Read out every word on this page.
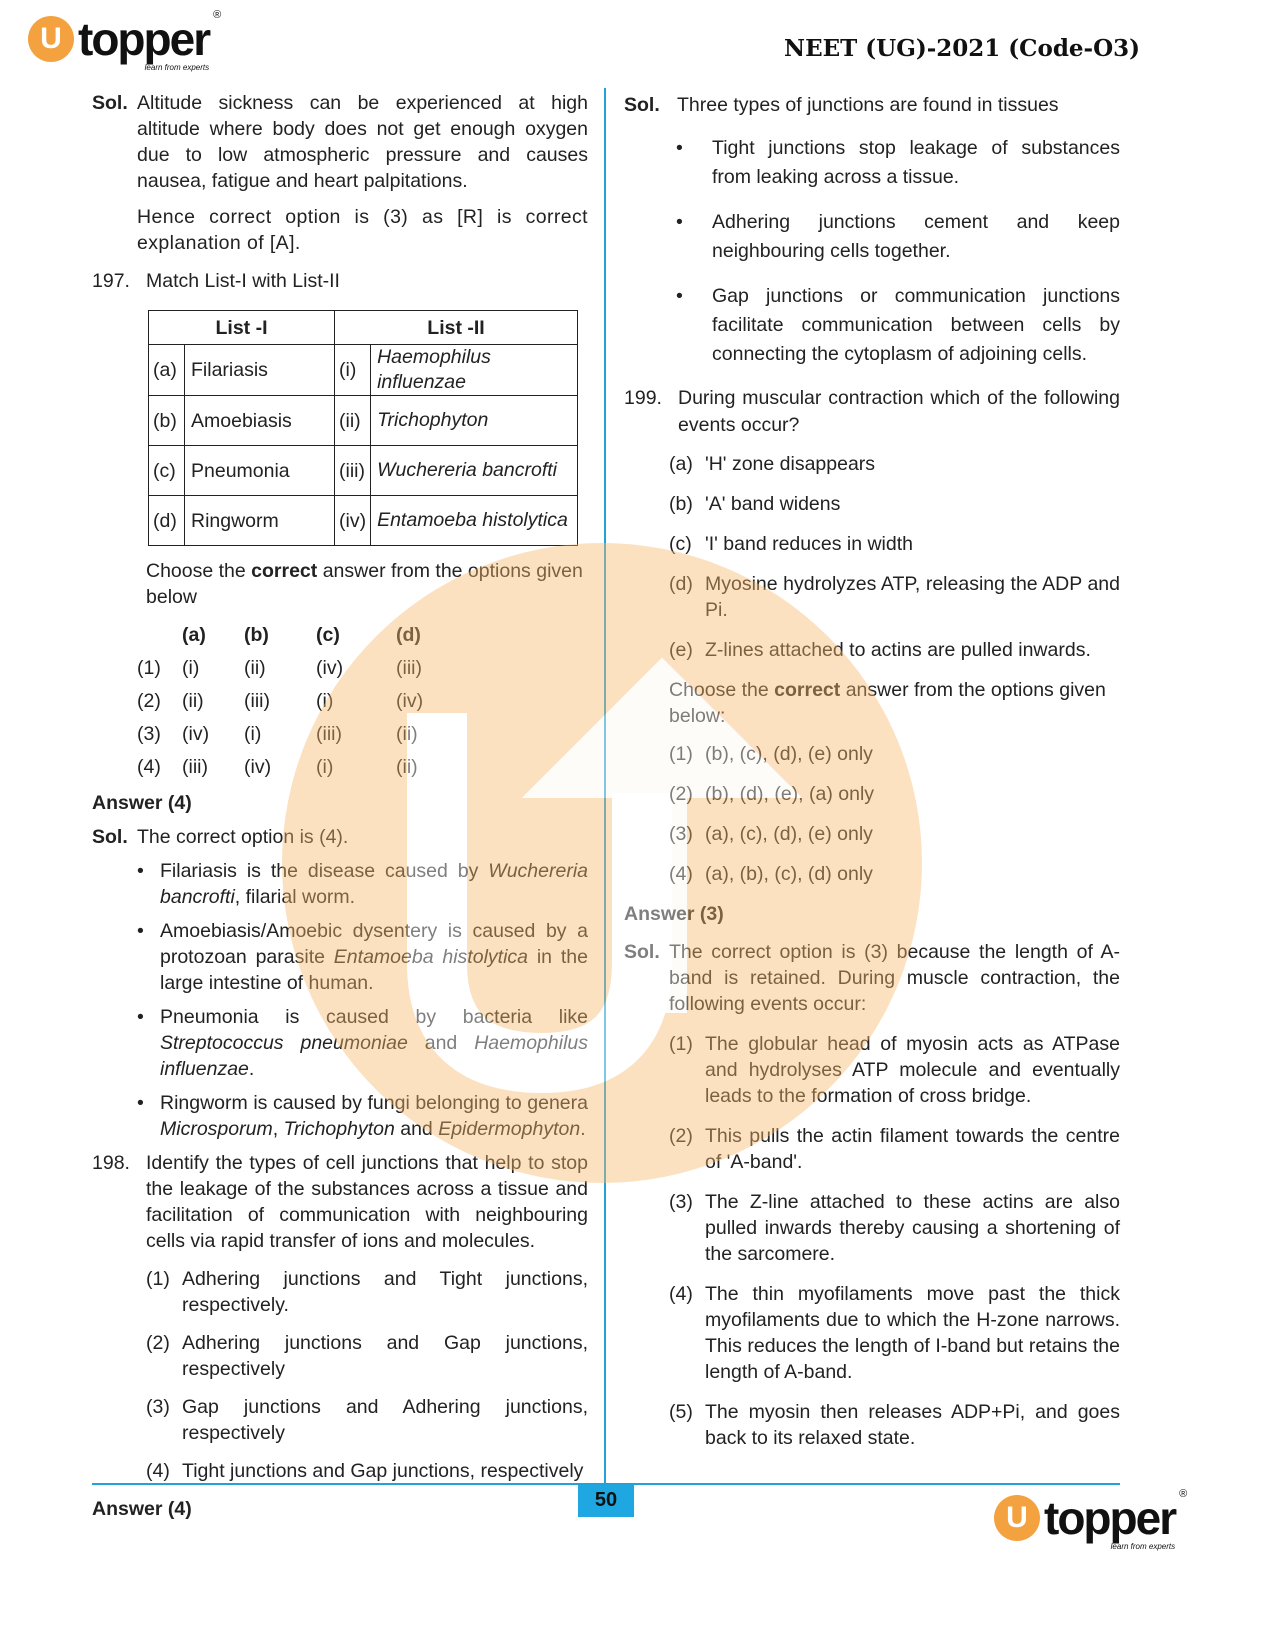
U topper ®
learn from experts
NEET (UG)-2021 (Code-O3)
Sol. Altitude sickness can be experienced at high altitude where body does not get enough oxygen due to low atmospheric pressure and causes nausea, fatigue and heart palpitations.

Hence correct option is (3) as [R] is correct explanation of [A].

197. Match List-I with List-II
List -I		List -II	
(a)	Filariasis	(i)	Haemophilus influenzae
(b)	Amoebiasis	(ii)	Trichophyton
(c)	Pneumonia	(iii)	Wuchereria bancrofti
(d)	Ringworm	(iv)	Entamoeba histolytica

Choose the correct answer from the options given below

(a)	(b)	(c)	(d)
(1)	(i)	(ii)	(iv)	(iii)
(2)	(ii)	(iii)	(i)	(iv)
(3)	(iv)	(i)	(iii)	(ii)
(4)	(iii)	(iv)	(i)	(ii)
Answer (4)
Sol. The correct option is (4).
• Filariasis is the disease caused by Wuchereria bancrofti, filarial worm.
• Amoebiasis/Amoebic dysentery is caused by a protozoan parasite Entamoeba histolytica in the large intestine of human.
• Pneumonia is caused by bacteria like Streptococcus pneumoniae and Haemophilus influenzae.
• Ringworm is caused by fungi belonging to genera Microsporum, Trichophyton and Epidermophyton.
198. Identify the types of cell junctions that help to stop the leakage of the substances across a tissue and facilitation of communication with neighbouring cells via rapid transfer of ions and molecules.
(1) Adhering junctions and Tight junctions, respectively.
(2) Adhering junctions and Gap junctions, respectively
(3) Gap junctions and Adhering junctions, respectively
(4) Tight junctions and Gap junctions, respectively
Answer (4)
Sol. Three types of junctions are found in tissues
•	Tight junctions stop leakage of substances from leaking across a tissue.
•	Adhering junctions cement and keep neighbouring cells together.
•	Gap junctions or communication junctions facilitate communication between cells by connecting the cytoplasm of adjoining cells.
199. During muscular contraction which of the following events occur?
(a) 'H' zone disappears
(b) 'A' band widens
(c) 'I' band reduces in width
(d) Myosine hydrolyzes ATP, releasing the ADP and Pi.
(e) Z-lines attached to actins are pulled inwards.

Choose the correct answer from the options given below:

(1) (b), (c), (d), (e) only
(2) (b), (d), (e), (a) only
(3) (a), (c), (d), (e) only
(4) (a), (b), (c), (d) only
Answer (3)
Sol. The correct option is (3) because the length of A-band is retained. During muscle contraction, the following events occur:
(1) The globular head of myosin acts as ATPase and hydrolyses ATP molecule and eventually leads to the formation of cross bridge.
(2) This pulls the actin filament towards the centre of 'A-band'.
(3) The Z-line attached to these actins are also pulled inwards thereby causing a shortening of the sarcomere.
(4) The thin myofilaments move past the thick myofilaments due to which the H-zone narrows. This reduces the length of I-band but retains the length of A-band.
(5) The myosin then releases ADP+Pi, and goes back to its relaxed state.
50
U topper ®
learn from experts
